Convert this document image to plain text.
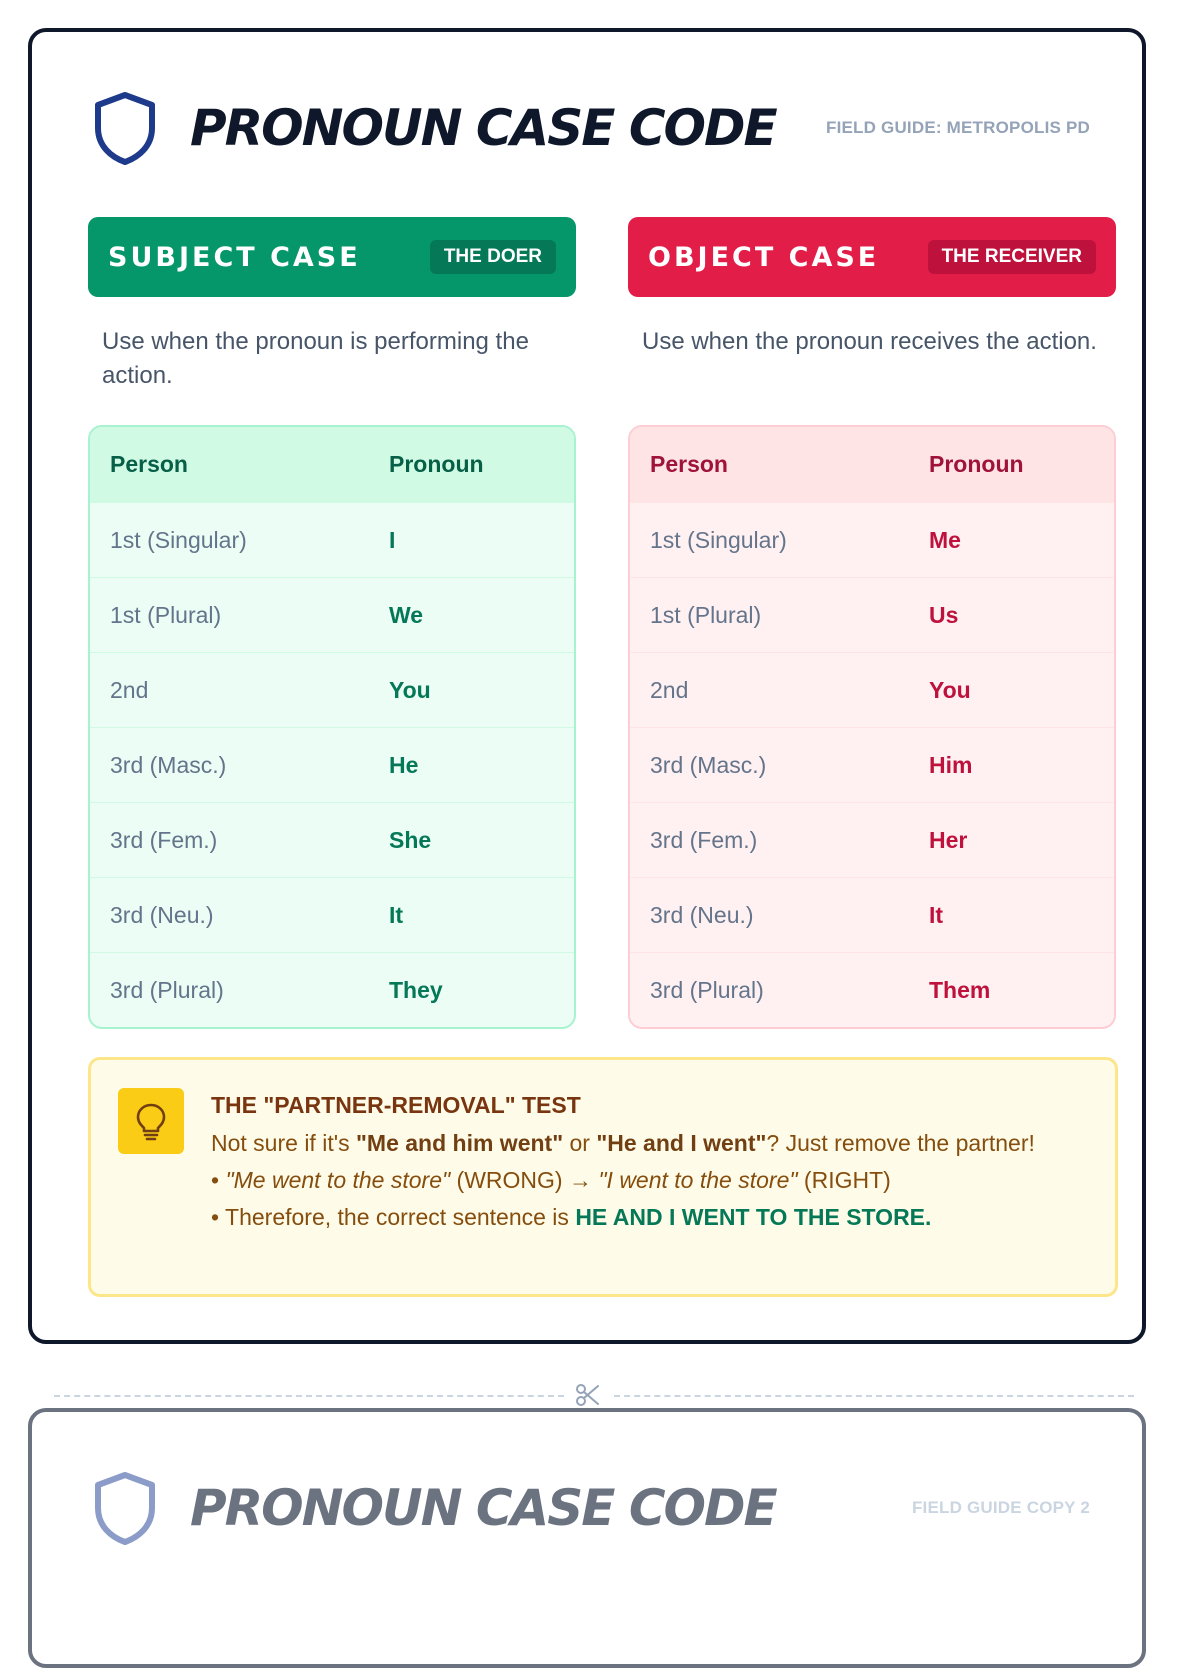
PRONOUN CASE CODE	FIELD GUIDE: METROPOLIS PD
SUBJECT CASE	THE DOER
Use when the pronoun is performing the action.
Person	Pronoun
1st (Singular)	I
1st (Plural)	We
2nd	You
3rd (Masc.)	He
3rd (Fem.)	She
3rd (Neu.)	It
3rd (Plural)	They
OBJECT CASE	THE RECEIVER
Use when the pronoun receives the action.
Person	Pronoun
1st (Singular)	Me
1st (Plural)	Us
2nd	You
3rd (Masc.)	Him
3rd (Fem.)	Her
3rd (Neu.)	It
3rd (Plural)	Them
THE "PARTNER-REMOVAL" TEST
Not sure if it's "Me and him went" or "He and I went"? Just remove the partner!
• "Me went to the store" (WRONG) → "I went to the store" (RIGHT)
• Therefore, the correct sentence is HE AND I WENT TO THE STORE.
PRONOUN CASE CODE	FIELD GUIDE COPY 2
